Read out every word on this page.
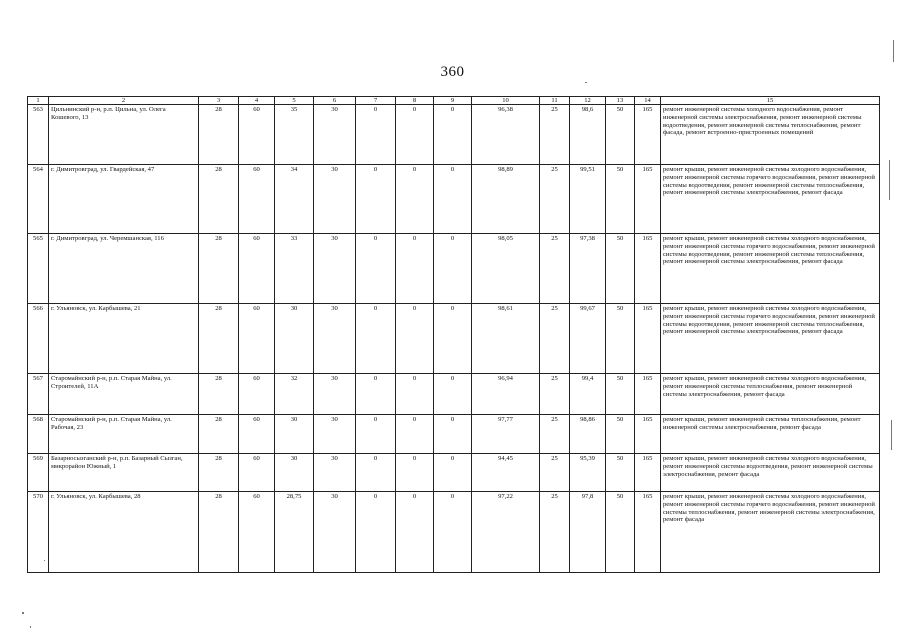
360
1	2	3	4	5	6	7	8	9	10	11	12	13	14	15
563	Цильнинский р-н, р.п. Цильна, ул. Олега Кошевого, 13	28	60	35	30	0	0	0	96,38	25	98,6	50	165	ремонт инженерной системы холодного водоснабжения, ремонт инженерной системы электроснабжения, ремонт инженерной системы водоотведения, ремонт инженерной системы теплоснабжения, ремонт фасада, ремонт встроенно-пристроенных помещений
564	г. Димитровград, ул. Гвардейская, 47	28	60	34	30	0	0	0	98,89	25	99,51	50	165	ремонт крыши, ремонт инженерной системы холодного водоснабжения, ремонт инженерной системы горячего водоснабжения, ремонт инженерной системы водоотведения, ремонт инженерной системы теплоснабжения, ремонт инженерной системы электроснабжения, ремонт фасада
565	г. Димитровград, ул. Черемшанская, 116	28	60	33	30	0	0	0	98,05	25	97,38	50	165	ремонт крыши, ремонт инженерной системы холодного водоснабжения, ремонт инженерной системы горячего водоснабжения, ремонт инженерной системы водоотведения, ремонт инженерной системы теплоснабжения, ремонт инженерной системы электроснабжения, ремонт фасада
566	г. Ульяновск, ул. Карбышева, 21	28	60	30	30	0	0	0	98,61	25	99,67	50	165	ремонт крыши, ремонт инженерной системы холодного водоснабжения, ремонт инженерной системы горячего водоснабжения, ремонт инженерной системы водоотведения, ремонт инженерной системы теплоснабжения, ремонт инженерной системы электроснабжения, ремонт фасада
567	Старомайнский р-н, р.п. Старая Майна, ул. Строителей, 11А	28	60	32	30	0	0	0	96,94	25	99,4	50	165	ремонт крыши, ремонт инженерной системы холодного водоснабжения, ремонт инженерной системы теплоснабжения, ремонт инженерной системы электроснабжения, ремонт фасада
568	Старомайнский р-н, р.п. Старая Майна, ул. Рабочая, 23	28	60	30	30	0	0	0	97,77	25	98,86	50	165	ремонт крыши, ремонт инженерной системы теплоснабжения, ремонт инженерной системы электроснабжения, ремонт фасада
569	Базарносызганский р-н, р.п. Базарный Сызган, микрорайон Южный, 1	28	60	30	30	0	0	0	94,45	25	95,39	50	165	ремонт крыши, ремонт инженерной системы холодного водоснабжения, ремонт инженерной системы водоотведения, ремонт инженерной системы электроснабжения, ремонт фасада
570	г. Ульяновск, ул. Карбышева, 28	28	60	28,75	30	0	0	0	97,22	25	97,8	50	165	ремонт крыши, ремонт инженерной системы холодного водоснабжения, ремонт инженерной системы горячего водоснабжения, ремонт инженерной системы теплоснабжения, ремонт инженерной системы электроснабжения, ремонт фасада
